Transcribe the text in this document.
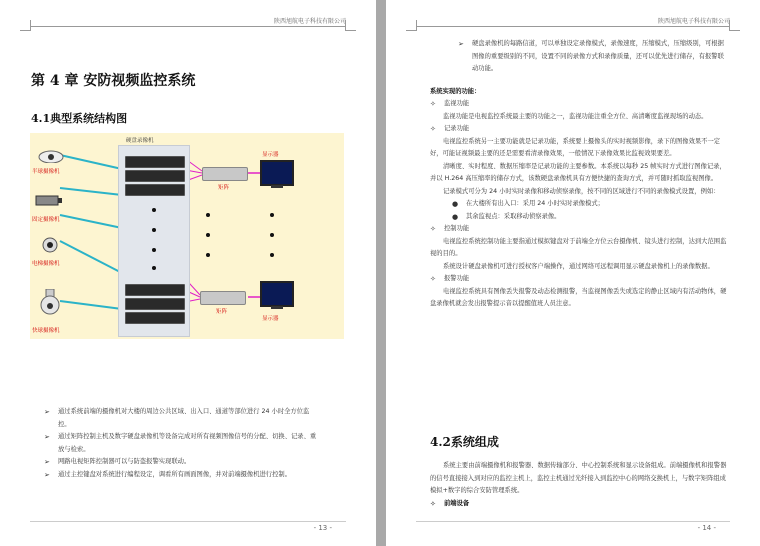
陕西旭航电子科技有限公司
第 4 章 安防视频监控系统
4.1典型系统结构图
硬盘录像机
矩阵
矩阵
显示器
显示器
半球摄像机
固定摄像机
电梯摄像机
快球摄像机
➢ 通过系统前端的摄像机对大楼的周边公共区域、出入口、通道等部位进行 24 小时全方位监控。
➢ 通过矩阵控制主机及数字硬盘录像机等设备完成对所有视频图像信号的分配、切换、记录、重放与检索。
➢ 网路电视矩阵控制器可以与防盗报警实现联动。
➢ 通过主控键盘对系统进行编程设定，调看所有画面图像，并对前端摄像机进行控制。
- 13 -
陕西旭航电子科技有限公司
➢ 硬盘录像机的每路信道，可以单独设定录像模式，录像速度，压缩模式，压缩级别，可根据图像的重要级别的不同，设置不同的录像方式和录像质量，还可以优先进行储存，有报警联动功能。
系统实现的功能：
✧ 监视功能
监视功能是电视监控系统最主要的功能之一，监视功能注重全方位、高清晰度监视现场的动态。
✧ 记录功能
电视监控系统另一主要功能就是记录功能，系统要上摄像头的实时视频影像，录下的图像效果不一定好，可能证视频最主要的还是需要看清录像效果，一般情况下录像效果比监视效果要差。
清晰度、实时程度、数据压缩率是记录功能的主要参数。本系统以每秒 25 帧实时方式进行图像记录，并以 H.264 高压缩率的储存方式，该数硬盘录像机具有方便快捷的查询方式，并可随时抓取监视图像。
记录模式可分为 24 小时实时录像和移动侦察录像，按不同的区域进行不同的录像模式设置，例如：
● 在大楼所有出入口：采用 24 小时实时录像模式；
● 其余监视点：采取移动侦察录像。
✧ 控制功能
电视监控系统控制功能主要指通过模拟键盘对于前端全方位云台摄像机、镜头进行控制，达到大范围监视的目的。
系统设计硬盘录像机可进行授权客户端操作，通过网络可远程调用显示硬盘录像机上的录像数据。
✧ 报警功能
电视监控系统具有图像丢失报警及动态检测报警，当监视图像丢失或选定的静止区域内有活动物体，硬盘录像机就会发出报警提示音以提醒值班人员注意。
4.2系统组成
系统主要由前端摄像机和报警器、数据传输部分、中心控制系统和显示设备组成。前端摄像机和报警器的信号直接接入到对应的监控主机上，监控主机通过光纤接入到监控中心的网络交换机上，与数字矩阵组成模拟+数字的综合安防管理系统。
✧ 前端设备
- 14 -
